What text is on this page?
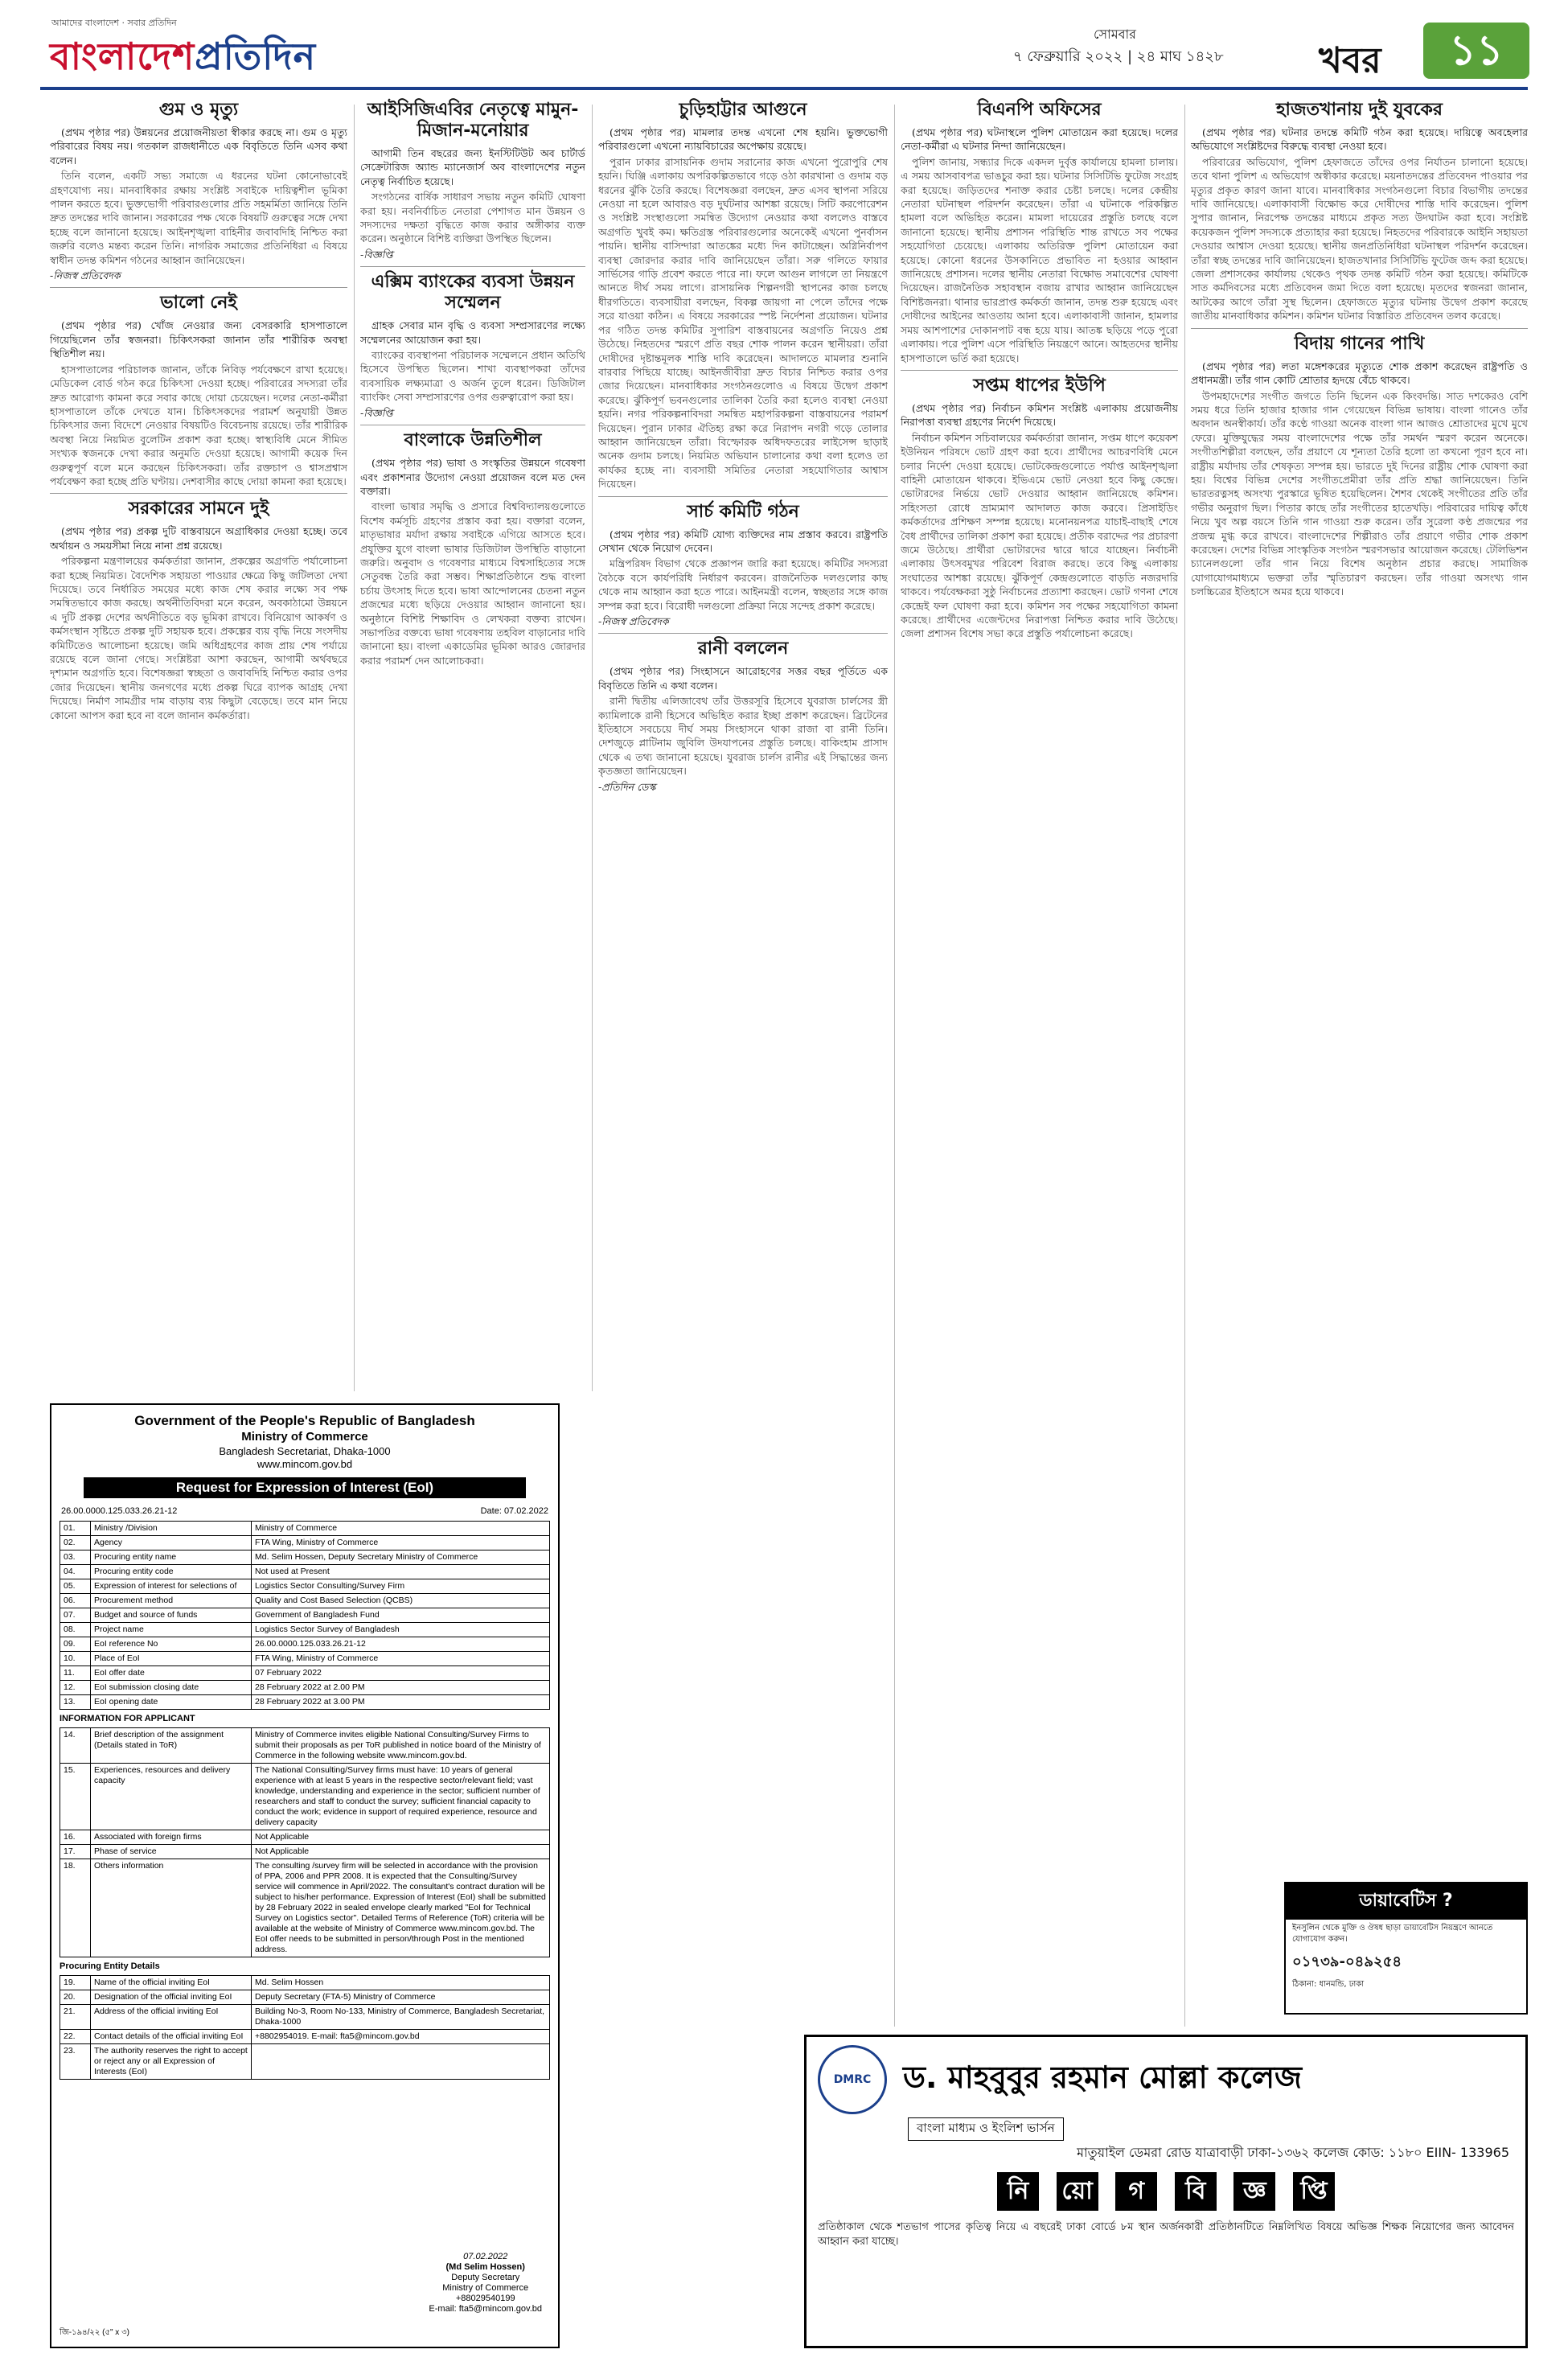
আমাদের বাংলাদেশ · সবার প্রতিদিন
বাংলাদেশপ্রতিদিন
সোমবার
৭ ফেব্রুয়ারি ২০২২ | ২৪ মাঘ ১৪২৮	খবর	১১
গুম ও মৃত্যু

(প্রথম পৃষ্ঠার পর) উন্নয়নের প্রয়োজনীয়তা স্বীকার করছে না। গুম ও মৃত্যু পরিবারের বিষয় নয়। গতকাল রাজধানীতে এক বিবৃতিতে তিনি এসব কথা বলেন।

তিনি বলেন, একটি সভ্য সমাজে এ ধরনের ঘটনা কোনোভাবেই গ্রহণযোগ্য নয়। মানবাধিকার রক্ষায় সংশ্লিষ্ট সবাইকে দায়িত্বশীল ভূমিকা পালন করতে হবে। ভুক্তভোগী পরিবারগুলোর প্রতি সহমর্মিতা জানিয়ে তিনি দ্রুত তদন্তের দাবি জানান। সরকারের পক্ষ থেকে বিষয়টি গুরুত্বের সঙ্গে দেখা হচ্ছে বলে জানানো হয়েছে। আইনশৃঙ্খলা বাহিনীর জবাবদিহি নিশ্চিত করা জরুরি বলেও মন্তব্য করেন তিনি। নাগরিক সমাজের প্রতিনিধিরা এ বিষয়ে স্বাধীন তদন্ত কমিশন গঠনের আহ্বান জানিয়েছেন।

-নিজস্ব প্রতিবেদক

ভালো নেই

(প্রথম পৃষ্ঠার পর) খোঁজ নেওয়ার জন্য বেসরকারি হাসপাতালে গিয়েছিলেন তাঁর স্বজনরা। চিকিৎসকরা জানান তাঁর শারীরিক অবস্থা স্থিতিশীল নয়।

হাসপাতালের পরিচালক জানান, তাঁকে নিবিড় পর্যবেক্ষণে রাখা হয়েছে। মেডিকেল বোর্ড গঠন করে চিকিৎসা দেওয়া হচ্ছে। পরিবারের সদস্যরা তাঁর দ্রুত আরোগ্য কামনা করে সবার কাছে দোয়া চেয়েছেন। দলের নেতা-কর্মীরা হাসপাতালে তাঁকে দেখতে যান। চিকিৎসকদের পরামর্শ অনুযায়ী উন্নত চিকিৎসার জন্য বিদেশে নেওয়ার বিষয়টিও বিবেচনায় রয়েছে। তাঁর শারীরিক অবস্থা নিয়ে নিয়মিত বুলেটিন প্রকাশ করা হচ্ছে। স্বাস্থ্যবিধি মেনে সীমিত সংখ্যক স্বজনকে দেখা করার অনুমতি দেওয়া হয়েছে। আগামী কয়েক দিন গুরুত্বপূর্ণ বলে মনে করছেন চিকিৎসকরা। তাঁর রক্তচাপ ও শ্বাসপ্রশ্বাস পর্যবেক্ষণ করা হচ্ছে প্রতি ঘণ্টায়। দেশবাসীর কাছে দোয়া কামনা করা হয়েছে।

সরকারের সামনে দুই

(প্রথম পৃষ্ঠার পর) প্রকল্প দুটি বাস্তবায়নে অগ্রাধিকার দেওয়া হচ্ছে। তবে অর্থায়ন ও সময়সীমা নিয়ে নানা প্রশ্ন রয়েছে।

পরিকল্পনা মন্ত্রণালয়ের কর্মকর্তারা জানান, প্রকল্পের অগ্রগতি পর্যালোচনা করা হচ্ছে নিয়মিত। বৈদেশিক সহায়তা পাওয়ার ক্ষেত্রে কিছু জটিলতা দেখা দিয়েছে। তবে নির্ধারিত সময়ের মধ্যে কাজ শেষ করার লক্ষ্যে সব পক্ষ সমন্বিতভাবে কাজ করছে। অর্থনীতিবিদরা মনে করেন, অবকাঠামো উন্নয়নে এ দুটি প্রকল্প দেশের অর্থনীতিতে বড় ভূমিকা রাখবে। বিনিয়োগ আকর্ষণ ও কর্মসংস্থান সৃষ্টিতে প্রকল্প দুটি সহায়ক হবে। প্রকল্পের ব্যয় বৃদ্ধি নিয়ে সংসদীয় কমিটিতেও আলোচনা হয়েছে। জমি অধিগ্রহণের কাজ প্রায় শেষ পর্যায়ে রয়েছে বলে জানা গেছে। সংশ্লিষ্টরা আশা করছেন, আগামী অর্থবছরে দৃশ্যমান অগ্রগতি হবে। বিশেষজ্ঞরা স্বচ্ছতা ও জবাবদিহি নিশ্চিত করার ওপর জোর দিয়েছেন। স্থানীয় জনগণের মধ্যে প্রকল্প ঘিরে ব্যাপক আগ্রহ দেখা দিয়েছে। নির্মাণ সামগ্রীর দাম বাড়ায় ব্যয় কিছুটা বেড়েছে। তবে মান নিয়ে কোনো আপস করা হবে না বলে জানান কর্মকর্তারা।

আইসিজিএবির নেতৃত্বে মামুন-মিজান-মনোয়ার

আগামী তিন বছরের জন্য ইনস্টিটিউট অব চার্টার্ড সেক্রেটারিজ অ্যান্ড ম্যানেজার্স অব বাংলাদেশের নতুন নেতৃত্ব নির্বাচিত হয়েছে।

সংগঠনের বার্ষিক সাধারণ সভায় নতুন কমিটি ঘোষণা করা হয়। নবনির্বাচিত নেতারা পেশাগত মান উন্নয়ন ও সদস্যদের দক্ষতা বৃদ্ধিতে কাজ করার অঙ্গীকার ব্যক্ত করেন। অনুষ্ঠানে বিশিষ্ট ব্যক্তিরা উপস্থিত ছিলেন।

-বিজ্ঞপ্তি

এক্সিম ব্যাংকের ব্যবসা উন্নয়ন সম্মেলন

গ্রাহক সেবার মান বৃদ্ধি ও ব্যবসা সম্প্রসারণের লক্ষ্যে সম্মেলনের আয়োজন করা হয়।

ব্যাংকের ব্যবস্থাপনা পরিচালক সম্মেলনে প্রধান অতিথি হিসেবে উপস্থিত ছিলেন। শাখা ব্যবস্থাপকরা তাঁদের ব্যবসায়িক লক্ষ্যমাত্রা ও অর্জন তুলে ধরেন। ডিজিটাল ব্যাংকিং সেবা সম্প্রসারণের ওপর গুরুত্বারোপ করা হয়।

-বিজ্ঞপ্তি

বাংলাকে উন্নতিশীল

(প্রথম পৃষ্ঠার পর) ভাষা ও সংস্কৃতির উন্নয়নে গবেষণা এবং প্রকাশনার উদ্যোগ নেওয়া প্রয়োজন বলে মত দেন বক্তারা।

বাংলা ভাষার সমৃদ্ধি ও প্রসারে বিশ্ববিদ্যালয়গুলোতে বিশেষ কর্মসূচি গ্রহণের প্রস্তাব করা হয়। বক্তারা বলেন, মাতৃভাষার মর্যাদা রক্ষায় সবাইকে এগিয়ে আসতে হবে। প্রযুক্তির যুগে বাংলা ভাষার ডিজিটাল উপস্থিতি বাড়ানো জরুরি। অনুবাদ ও গবেষণার মাধ্যমে বিশ্বসাহিত্যের সঙ্গে সেতুবন্ধ তৈরি করা সম্ভব। শিক্ষাপ্রতিষ্ঠানে শুদ্ধ বাংলা চর্চায় উৎসাহ দিতে হবে। ভাষা আন্দোলনের চেতনা নতুন প্রজন্মের মধ্যে ছড়িয়ে দেওয়ার আহ্বান জানানো হয়। অনুষ্ঠানে বিশিষ্ট শিক্ষাবিদ ও লেখকরা বক্তব্য রাখেন। সভাপতির বক্তব্যে ভাষা গবেষণায় তহবিল বাড়ানোর দাবি জানানো হয়। বাংলা একাডেমির ভূমিকা আরও জোরদার করার পরামর্শ দেন আলোচকরা।

চুড়িহাট্টার আগুনে

(প্রথম পৃষ্ঠার পর) মামলার তদন্ত এখনো শেষ হয়নি। ভুক্তভোগী পরিবারগুলো এখনো ন্যায়বিচারের অপেক্ষায় রয়েছে।

পুরান ঢাকার রাসায়নিক গুদাম সরানোর কাজ এখনো পুরোপুরি শেষ হয়নি। ঘিঞ্জি এলাকায় অপরিকল্পিতভাবে গড়ে ওঠা কারখানা ও গুদাম বড় ধরনের ঝুঁকি তৈরি করছে। বিশেষজ্ঞরা বলছেন, দ্রুত এসব স্থাপনা সরিয়ে নেওয়া না হলে আবারও বড় দুর্ঘটনার আশঙ্কা রয়েছে। সিটি করপোরেশন ও সংশ্লিষ্ট সংস্থাগুলো সমন্বিত উদ্যোগ নেওয়ার কথা বললেও বাস্তবে অগ্রগতি খুবই কম। ক্ষতিগ্রস্ত পরিবারগুলোর অনেকেই এখনো পুনর্বাসন পায়নি। স্থানীয় বাসিন্দারা আতঙ্কের মধ্যে দিন কাটাচ্ছেন। অগ্নিনির্বাপণ ব্যবস্থা জোরদার করার দাবি জানিয়েছেন তাঁরা। সরু গলিতে ফায়ার সার্ভিসের গাড়ি প্রবেশ করতে পারে না। ফলে আগুন লাগলে তা নিয়ন্ত্রণে আনতে দীর্ঘ সময় লাগে। রাসায়নিক শিল্পনগরী স্থাপনের কাজ চলছে ধীরগতিতে। ব্যবসায়ীরা বলছেন, বিকল্প জায়গা না পেলে তাঁদের পক্ষে সরে যাওয়া কঠিন। এ বিষয়ে সরকারের স্পষ্ট নির্দেশনা প্রয়োজন। ঘটনার পর গঠিত তদন্ত কমিটির সুপারিশ বাস্তবায়নের অগ্রগতি নিয়েও প্রশ্ন উঠেছে। নিহতদের স্মরণে প্রতি বছর শোক পালন করেন স্থানীয়রা। তাঁরা দোষীদের দৃষ্টান্তমূলক শাস্তি দাবি করেছেন। আদালতে মামলার শুনানি বারবার পিছিয়ে যাচ্ছে। আইনজীবীরা দ্রুত বিচার নিশ্চিত করার ওপর জোর দিয়েছেন। মানবাধিকার সংগঠনগুলোও এ বিষয়ে উদ্বেগ প্রকাশ করেছে। ঝুঁকিপূর্ণ ভবনগুলোর তালিকা তৈরি করা হলেও ব্যবস্থা নেওয়া হয়নি। নগর পরিকল্পনাবিদরা সমন্বিত মহাপরিকল্পনা বাস্তবায়নের পরামর্শ দিয়েছেন। পুরান ঢাকার ঐতিহ্য রক্ষা করে নিরাপদ নগরী গড়ে তোলার আহ্বান জানিয়েছেন তাঁরা। বিস্ফোরক অধিদফতরের লাইসেন্স ছাড়াই অনেক গুদাম চলছে। নিয়মিত অভিযান চালানোর কথা বলা হলেও তা কার্যকর হচ্ছে না। ব্যবসায়ী সমিতির নেতারা সহযোগিতার আশ্বাস দিয়েছেন।

সার্চ কমিটি গঠন

(প্রথম পৃষ্ঠার পর) কমিটি যোগ্য ব্যক্তিদের নাম প্রস্তাব করবে। রাষ্ট্রপতি সেখান থেকে নিয়োগ দেবেন।

মন্ত্রিপরিষদ বিভাগ থেকে প্রজ্ঞাপন জারি করা হয়েছে। কমিটির সদস্যরা বৈঠকে বসে কার্যপরিধি নির্ধারণ করবেন। রাজনৈতিক দলগুলোর কাছ থেকে নাম আহ্বান করা হতে পারে। আইনমন্ত্রী বলেন, স্বচ্ছতার সঙ্গে কাজ সম্পন্ন করা হবে। বিরোধী দলগুলো প্রক্রিয়া নিয়ে সন্দেহ প্রকাশ করেছে।

-নিজস্ব প্রতিবেদক

রানী বললেন

(প্রথম পৃষ্ঠার পর) সিংহাসনে আরোহণের সত্তর বছর পূর্তিতে এক বিবৃতিতে তিনি এ কথা বলেন।

রানী দ্বিতীয় এলিজাবেথ তাঁর উত্তরসূরি হিসেবে যুবরাজ চার্লসের স্ত্রী ক্যামিলাকে রানী হিসেবে অভিহিত করার ইচ্ছা প্রকাশ করেছেন। ব্রিটেনের ইতিহাসে সবচেয়ে দীর্ঘ সময় সিংহাসনে থাকা রাজা বা রানী তিনি। দেশজুড়ে প্লাটিনাম জুবিলি উদযাপনের প্রস্তুতি চলছে। বাকিংহাম প্রাসাদ থেকে এ তথ্য জানানো হয়েছে। যুবরাজ চার্লস রানীর এই সিদ্ধান্তের জন্য কৃতজ্ঞতা জানিয়েছেন।

-প্রতিদিন ডেস্ক

বিএনপি অফিসের

(প্রথম পৃষ্ঠার পর) ঘটনাস্থলে পুলিশ মোতায়েন করা হয়েছে। দলের নেতা-কর্মীরা এ ঘটনার নিন্দা জানিয়েছেন।

পুলিশ জানায়, সন্ধ্যার দিকে একদল দুর্বৃত্ত কার্যালয়ে হামলা চালায়। এ সময় আসবাবপত্র ভাঙচুর করা হয়। ঘটনার সিসিটিভি ফুটেজ সংগ্রহ করা হয়েছে। জড়িতদের শনাক্ত করার চেষ্টা চলছে। দলের কেন্দ্রীয় নেতারা ঘটনাস্থল পরিদর্শন করেছেন। তাঁরা এ ঘটনাকে পরিকল্পিত হামলা বলে অভিহিত করেন। মামলা দায়েরের প্রস্তুতি চলছে বলে জানানো হয়েছে। স্থানীয় প্রশাসন পরিস্থিতি শান্ত রাখতে সব পক্ষের সহযোগিতা চেয়েছে। এলাকায় অতিরিক্ত পুলিশ মোতায়েন করা হয়েছে। কোনো ধরনের উসকানিতে প্রভাবিত না হওয়ার আহ্বান জানিয়েছে প্রশাসন। দলের স্থানীয় নেতারা বিক্ষোভ সমাবেশের ঘোষণা দিয়েছেন। রাজনৈতিক সহাবস্থান বজায় রাখার আহ্বান জানিয়েছেন বিশিষ্টজনরা। থানার ভারপ্রাপ্ত কর্মকর্তা জানান, তদন্ত শুরু হয়েছে এবং দোষীদের আইনের আওতায় আনা হবে। এলাকাবাসী জানান, হামলার সময় আশপাশের দোকানপাট বন্ধ হয়ে যায়। আতঙ্ক ছড়িয়ে পড়ে পুরো এলাকায়। পরে পুলিশ এসে পরিস্থিতি নিয়ন্ত্রণে আনে। আহতদের স্থানীয় হাসপাতালে ভর্তি করা হয়েছে।

সপ্তম ধাপের ইউপি

(প্রথম পৃষ্ঠার পর) নির্বাচন কমিশন সংশ্লিষ্ট এলাকায় প্রয়োজনীয় নিরাপত্তা ব্যবস্থা গ্রহণের নির্দেশ দিয়েছে।

নির্বাচন কমিশন সচিবালয়ের কর্মকর্তারা জানান, সপ্তম ধাপে কয়েকশ ইউনিয়ন পরিষদে ভোট গ্রহণ করা হবে। প্রার্থীদের আচরণবিধি মেনে চলার নির্দেশ দেওয়া হয়েছে। ভোটকেন্দ্রগুলোতে পর্যাপ্ত আইনশৃঙ্খলা বাহিনী মোতায়েন থাকবে। ইভিএমে ভোট নেওয়া হবে কিছু কেন্দ্রে। ভোটারদের নির্ভয়ে ভোট দেওয়ার আহ্বান জানিয়েছে কমিশন। সহিংসতা রোধে ভ্রাম্যমাণ আদালত কাজ করবে। প্রিসাইডিং কর্মকর্তাদের প্রশিক্ষণ সম্পন্ন হয়েছে। মনোনয়নপত্র যাচাই-বাছাই শেষে বৈধ প্রার্থীদের তালিকা প্রকাশ করা হয়েছে। প্রতীক বরাদ্দের পর প্রচারণা জমে উঠেছে। প্রার্থীরা ভোটারদের দ্বারে দ্বারে যাচ্ছেন। নির্বাচনী এলাকায় উৎসবমুখর পরিবেশ বিরাজ করছে। তবে কিছু এলাকায় সংঘাতের আশঙ্কা রয়েছে। ঝুঁকিপূর্ণ কেন্দ্রগুলোতে বাড়তি নজরদারি থাকবে। পর্যবেক্ষকরা সুষ্ঠু নির্বাচনের প্রত্যাশা করছেন। ভোট গণনা শেষে কেন্দ্রেই ফল ঘোষণা করা হবে। কমিশন সব পক্ষের সহযোগিতা কামনা করেছে। প্রার্থীদের এজেন্টদের নিরাপত্তা নিশ্চিত করার দাবি উঠেছে। জেলা প্রশাসন বিশেষ সভা করে প্রস্তুতি পর্যালোচনা করেছে।

হাজতখানায় দুই যুবকের

(প্রথম পৃষ্ঠার পর) ঘটনার তদন্তে কমিটি গঠন করা হয়েছে। দায়িত্বে অবহেলার অভিযোগে সংশ্লিষ্টদের বিরুদ্ধে ব্যবস্থা নেওয়া হবে।

পরিবারের অভিযোগ, পুলিশ হেফাজতে তাঁদের ওপর নির্যাতন চালানো হয়েছে। তবে থানা পুলিশ এ অভিযোগ অস্বীকার করেছে। ময়নাতদন্তের প্রতিবেদন পাওয়ার পর মৃত্যুর প্রকৃত কারণ জানা যাবে। মানবাধিকার সংগঠনগুলো বিচার বিভাগীয় তদন্তের দাবি জানিয়েছে। এলাকাবাসী বিক্ষোভ করে দোষীদের শাস্তি দাবি করেছেন। পুলিশ সুপার জানান, নিরপেক্ষ তদন্তের মাধ্যমে প্রকৃত সত্য উদঘাটন করা হবে। সংশ্লিষ্ট কয়েকজন পুলিশ সদস্যকে প্রত্যাহার করা হয়েছে। নিহতদের পরিবারকে আইনি সহায়তা দেওয়ার আশ্বাস দেওয়া হয়েছে। স্থানীয় জনপ্রতিনিধিরা ঘটনাস্থল পরিদর্শন করেছেন। তাঁরা স্বচ্ছ তদন্তের দাবি জানিয়েছেন। হাজতখানার সিসিটিভি ফুটেজ জব্দ করা হয়েছে। জেলা প্রশাসকের কার্যালয় থেকেও পৃথক তদন্ত কমিটি গঠন করা হয়েছে। কমিটিকে সাত কর্মদিবসের মধ্যে প্রতিবেদন জমা দিতে বলা হয়েছে। মৃতদের স্বজনরা জানান, আটকের আগে তাঁরা সুস্থ ছিলেন। হেফাজতে মৃত্যুর ঘটনায় উদ্বেগ প্রকাশ করেছে জাতীয় মানবাধিকার কমিশন। কমিশন ঘটনার বিস্তারিত প্রতিবেদন তলব করেছে।

বিদায় গানের পাখি

(প্রথম পৃষ্ঠার পর) লতা মঙ্গেশকরের মৃত্যুতে শোক প্রকাশ করেছেন রাষ্ট্রপতি ও প্রধানমন্ত্রী। তাঁর গান কোটি শ্রোতার হৃদয়ে বেঁচে থাকবে।

উপমহাদেশের সংগীত জগতে তিনি ছিলেন এক কিংবদন্তি। সাত দশকেরও বেশি সময় ধরে তিনি হাজার হাজার গান গেয়েছেন বিভিন্ন ভাষায়। বাংলা গানেও তাঁর অবদান অনস্বীকার্য। তাঁর কণ্ঠে গাওয়া অনেক বাংলা গান আজও শ্রোতাদের মুখে মুখে ফেরে। মুক্তিযুদ্ধের সময় বাংলাদেশের পক্ষে তাঁর সমর্থন স্মরণ করেন অনেকে। সংগীতশিল্পীরা বলছেন, তাঁর প্রয়াণে যে শূন্যতা তৈরি হলো তা কখনো পূরণ হবে না। রাষ্ট্রীয় মর্যাদায় তাঁর শেষকৃত্য সম্পন্ন হয়। ভারতে দুই দিনের রাষ্ট্রীয় শোক ঘোষণা করা হয়। বিশ্বের বিভিন্ন দেশের সংগীতপ্রেমীরা তাঁর প্রতি শ্রদ্ধা জানিয়েছেন। তিনি ভারতরত্নসহ অসংখ্য পুরস্কারে ভূষিত হয়েছিলেন। শৈশব থেকেই সংগীতের প্রতি তাঁর গভীর অনুরাগ ছিল। পিতার কাছে তাঁর সংগীতের হাতেখড়ি। পরিবারের দায়িত্ব কাঁধে নিয়ে খুব অল্প বয়সে তিনি গান গাওয়া শুরু করেন। তাঁর সুরেলা কণ্ঠ প্রজন্মের পর প্রজন্ম মুগ্ধ করে রাখবে। বাংলাদেশের শিল্পীরাও তাঁর প্রয়াণে গভীর শোক প্রকাশ করেছেন। দেশের বিভিন্ন সাংস্কৃতিক সংগঠন স্মরণসভার আয়োজন করেছে। টেলিভিশন চ্যানেলগুলো তাঁর গান নিয়ে বিশেষ অনুষ্ঠান প্রচার করছে। সামাজিক যোগাযোগমাধ্যমে ভক্তরা তাঁর স্মৃতিচারণ করছেন। তাঁর গাওয়া অসংখ্য গান চলচ্চিত্রের ইতিহাসে অমর হয়ে থাকবে।

Government of the People's Republic of Bangladesh
Ministry of Commerce
Bangladesh Secretariat, Dhaka-1000
www.mincom.gov.bd
Request for Expression of Interest (EoI)
26.00.0000.125.033.26.21-12	Date: 07.02.2022
01.	Ministry /Division	Ministry of Commerce
02.	Agency	FTA Wing, Ministry of Commerce
03.	Procuring entity name	Md. Selim Hossen, Deputy Secretary Ministry of Commerce
04.	Procuring entity code	Not used at Present
05.	Expression of interest for selections of	Logistics Sector Consulting/Survey Firm
06.	Procurement method	Quality and Cost Based Selection (QCBS)
07.	Budget and source of funds	Government of Bangladesh Fund
08.	Project name	Logistics Sector Survey of Bangladesh
09.	EoI reference No	26.00.0000.125.033.26.21-12
10.	Place of EoI	FTA Wing, Ministry of Commerce
11.	EoI offer date	07 February 2022
12.	EoI submission closing date	28 February 2022 at 2.00 PM
13.	EoI opening date	28 February 2022 at 3.00 PM
INFORMATION FOR APPLICANT
14.	Brief description of the assignment (Details stated in ToR)	Ministry of Commerce invites eligible National Consulting/Survey Firms to submit their proposals as per ToR published in notice board of the Ministry of Commerce in the following website www.mincom.gov.bd.
15.	Experiences, resources and delivery capacity	The National Consulting/Survey firms must have: 10 years of general experience with at least 5 years in the respective sector/relevant field; vast knowledge, understanding and experience in the sector; sufficient number of researchers and staff to conduct the survey; sufficient financial capacity to conduct the work; evidence in support of required experience, resource and delivery capacity
16.	Associated with foreign firms	Not Applicable
17.	Phase of service	Not Applicable
18.	Others information	The consulting /survey firm will be selected in accordance with the provision of PPA, 2006 and PPR 2008. It is expected that the Consulting/Survey service will commence in April/2022. The consultant's contract duration will be subject to his/her performance. Expression of Interest (EoI) shall be submitted by 28 February 2022 in sealed envelope clearly marked "EoI for Technical Survey on Logistics sector". Detailed Terms of Reference (ToR) criteria will be available at the website of Ministry of Commerce www.mincom.gov.bd. The EoI offer needs to be submitted in person/through Post in the mentioned address.
Procuring Entity Details
19.	Name of the official inviting EoI	Md. Selim Hossen
20.	Designation of the official inviting EoI	Deputy Secretary (FTA-5) Ministry of Commerce
21.	Address of the official inviting EoI	Building No-3, Room No-133, Ministry of Commerce, Bangladesh Secretariat, Dhaka-1000
22.	Contact details of the official inviting EoI	+8802954019. E-mail: fta5@mincom.gov.bd
23.	The authority reserves the right to accept or reject any or all Expression of Interests (EoI)	
07.02.2022
(Md Selim Hossen)
Deputy Secretary
Ministry of Commerce
+88029540199
E-mail: fta5@mincom.gov.bd
জি-১৯৪/২২ (৫" x ৩)
ডায়াবেটিস ?
ইনসুলিন থেকে মুক্তি ও ঔষধ ছাড়া ডায়াবেটিস নিয়ন্ত্রণে আনতে যোগাযোগ করুন।
০১৭৩৯-০৪৯২৫৪
ঠিকানা: ধানমন্ডি, ঢাকা
DMRC	ড. মাহবুবুর রহমান মোল্লা কলেজ
বাংলা মাধ্যম ও ইংলিশ ভার্সন
মাতুয়াইল ডেমরা রোড যাত্রাবাড়ী ঢাকা-১৩৬২ কলেজ কোড: ১১৮০ EIIN- 133965
নি	য়ো	গ	বি	জ্ঞ	প্তি
প্রতিষ্ঠাকাল থেকে শতভাগ পাসের কৃতিত্ব নিয়ে এ বছরেই ঢাকা বোর্ডে ৮ম স্থান অর্জনকারী প্রতিষ্ঠানটিতে নিম্নলিখিত বিষয়ে অভিজ্ঞ শিক্ষক নিয়োগের জন্য আবেদন আহ্বান করা যাচ্ছে।
